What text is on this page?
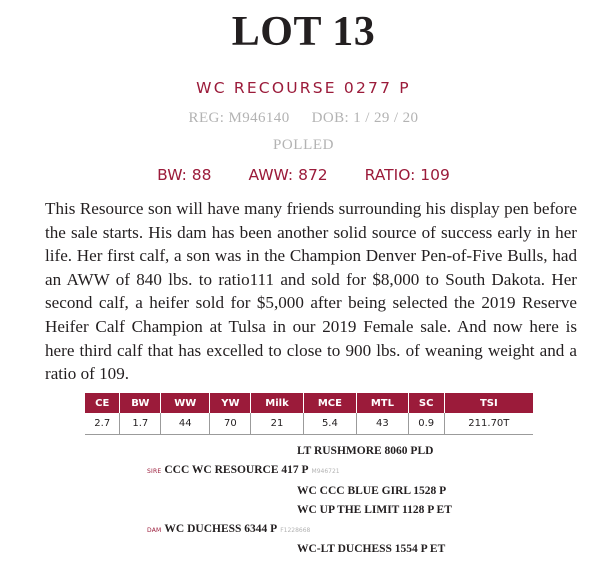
LOT 13
WC RECOURSE 0277 P
REG: M946140 DOB: 1 / 29 / 20
POLLED
BW: 88 AWW: 872 RATIO: 109

This Resource son will have many friends surrounding his display pen before the sale starts. His dam has been another solid source of success early in her life. Her first calf, a son was in the Champion Denver Pen-of-Five Bulls, had an AWW of 840 lbs. to ratio111 and sold for $8,000 to South Dakota. Her second calf, a heifer sold for $5,000 after being selected the 2019 Reserve Heifer Calf Champion at Tulsa in our 2019 Female sale. And now here is here third calf that has excelled to close to 900 lbs. of weaning weight and a ratio of 109.

CE	BW	WW	YW	Milk	MCE	MTL	SC	TSI
2.7	1.7	44	70	21	5.4	43	0.9	211.70T
LT RUSHMORE 8060 PLD
SIRE CCC WC RESOURCE 417 P M946721
WC CCC BLUE GIRL 1528 P
WC UP THE LIMIT 1128 P ET
DAM WC DUCHESS 6344 P F1228668
WC-LT DUCHESS 1554 P ET
